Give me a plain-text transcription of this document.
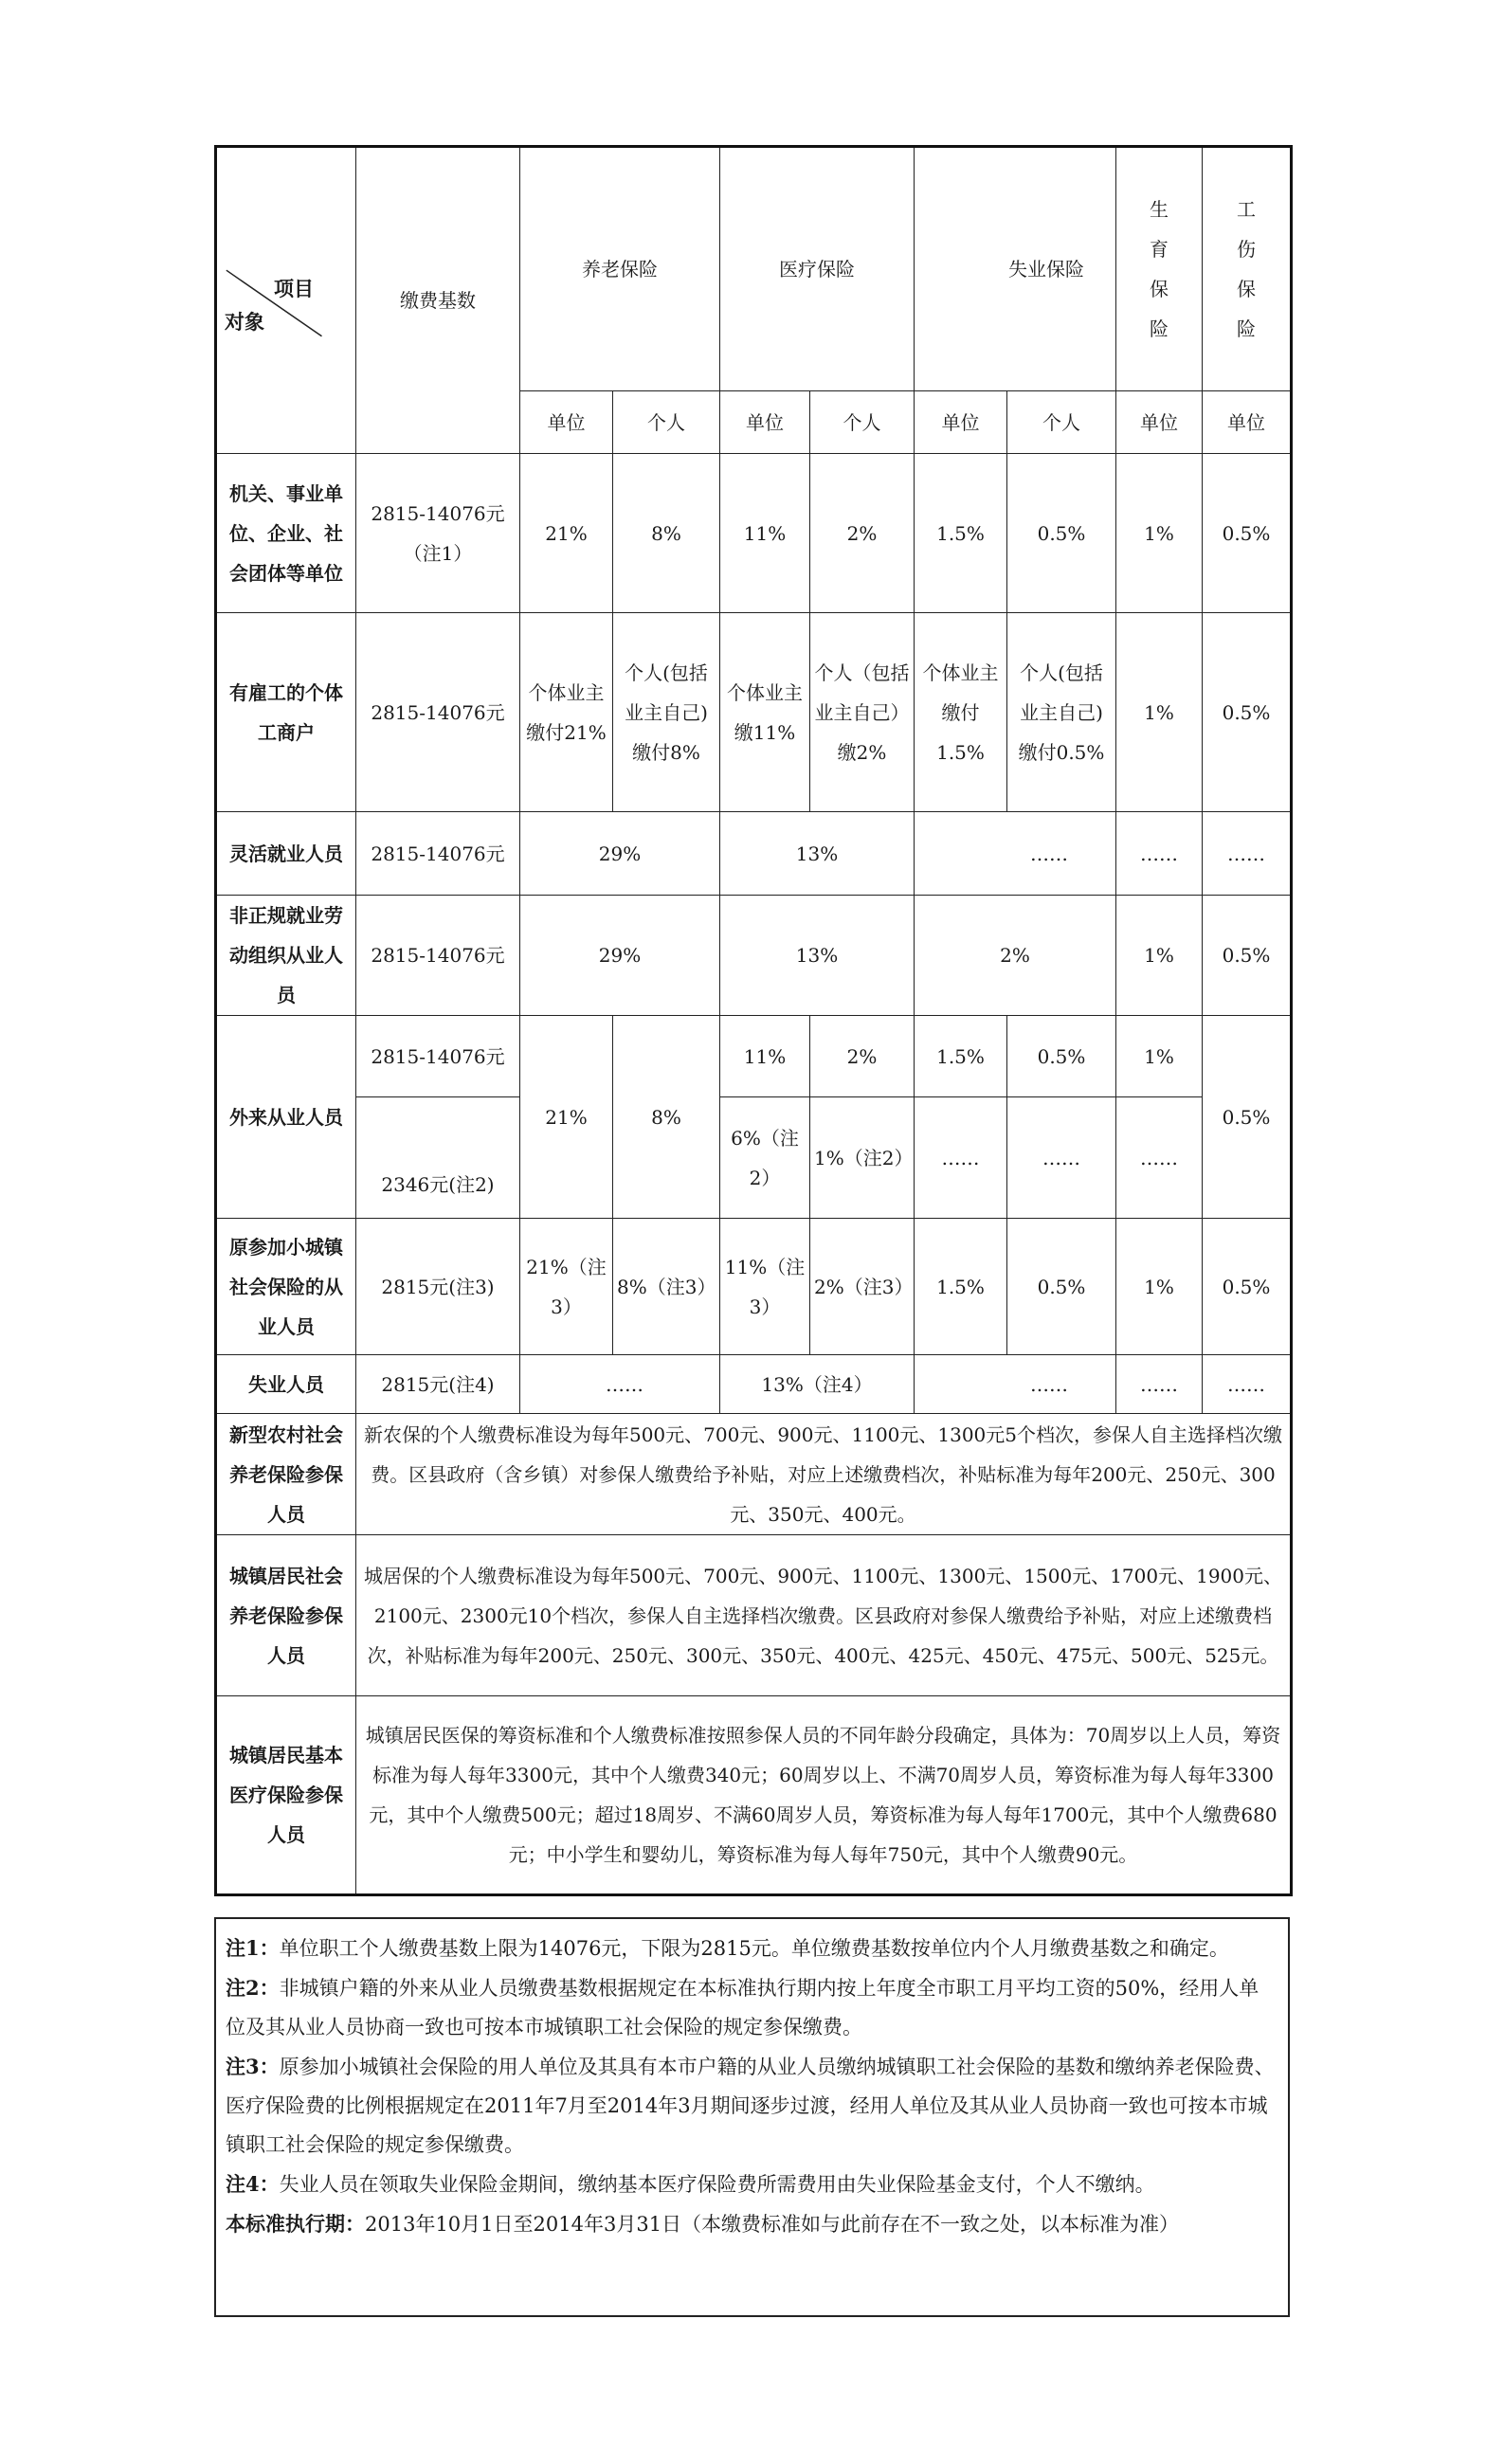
项目
对象	缴费基数	养老保险		医疗保险		失业保险		生育保险	工伤保险

		单位	个人	单位	个人	单位	个人	单位	单位
机关、事业单位、企业、社会团体等单位	2815-14076元（注1）	21%	8%	11%	2%	1.5%	0.5%	1%	0.5%
有雇工的个体工商户	2815-14076元	个体业主缴付21%	个人(包括业主自己)缴付8%	个体业主缴11%	个人（包括业主自己）缴2%	个体业主缴付1.5%	个人(包括业主自己)缴付0.5%	1%	0.5%
灵活就业人员	2815-14076元	29%		13%		……		……	……
非正规就业劳动组织从业人员	2815-14076元	29%		13%		2%		1%	0.5%
外来从业人员	2815-14076元	21%	8%	11%	2%	1.5%	0.5%	1%	0.5%
	2346元(注2)			6%（注2）	1%（注2）	……	……	……	
原参加小城镇社会保险的从业人员	2815元(注3)	21%（注3）	8%（注3）	11%（注3）	2%（注3）	1.5%	0.5%	1%	0.5%
失业人员	2815元(注4)	……		13%（注4）		……		……	……
新型农村社会养老保险参保人员	新农保的个人缴费标准设为每年500元、700元、900元、1100元、1300元5个档次，参保人自主选择档次缴费。区县政府（含乡镇）对参保人缴费给予补贴，对应上述缴费档次，补贴标准为每年200元、250元、300元、350元、400元。								
城镇居民社会养老保险参保人员	城居保的个人缴费标准设为每年500元、700元、900元、1100元、1300元、1500元、1700元、1900元、2100元、2300元10个档次，参保人自主选择档次缴费。区县政府对参保人缴费给予补贴，对应上述缴费档次，补贴标准为每年200元、250元、300元、350元、400元、425元、450元、475元、500元、525元。								
城镇居民基本医疗保险参保人员	城镇居民医保的筹资标准和个人缴费标准按照参保人员的不同年龄分段确定，具体为：70周岁以上人员，筹资标准为每人每年3300元，其中个人缴费340元；60周岁以上、不满70周岁人员，筹资标准为每人每年3300元，其中个人缴费500元；超过18周岁、不满60周岁人员，筹资标准为每人每年1700元，其中个人缴费680元；中小学生和婴幼儿，筹资标准为每人每年750元，其中个人缴费90元。								

注1：单位职工个人缴费基数上限为14076元，下限为2815元。单位缴费基数按单位内个人月缴费基数之和确定。

注2：非城镇户籍的外来从业人员缴费基数根据规定在本标准执行期内按上年度全市职工月平均工资的50%，经用人单位及其从业人员协商一致也可按本市城镇职工社会保险的规定参保缴费。

注3：原参加小城镇社会保险的用人单位及其具有本市户籍的从业人员缴纳城镇职工社会保险的基数和缴纳养老保险费、医疗保险费的比例根据规定在2011年7月至2014年3月期间逐步过渡，经用人单位及其从业人员协商一致也可按本市城镇职工社会保险的规定参保缴费。

注4：失业人员在领取失业保险金期间，缴纳基本医疗保险费所需费用由失业保险基金支付，个人不缴纳。

本标准执行期：2013年10月1日至2014年3月31日（本缴费标准如与此前存在不一致之处，以本标准为准）
